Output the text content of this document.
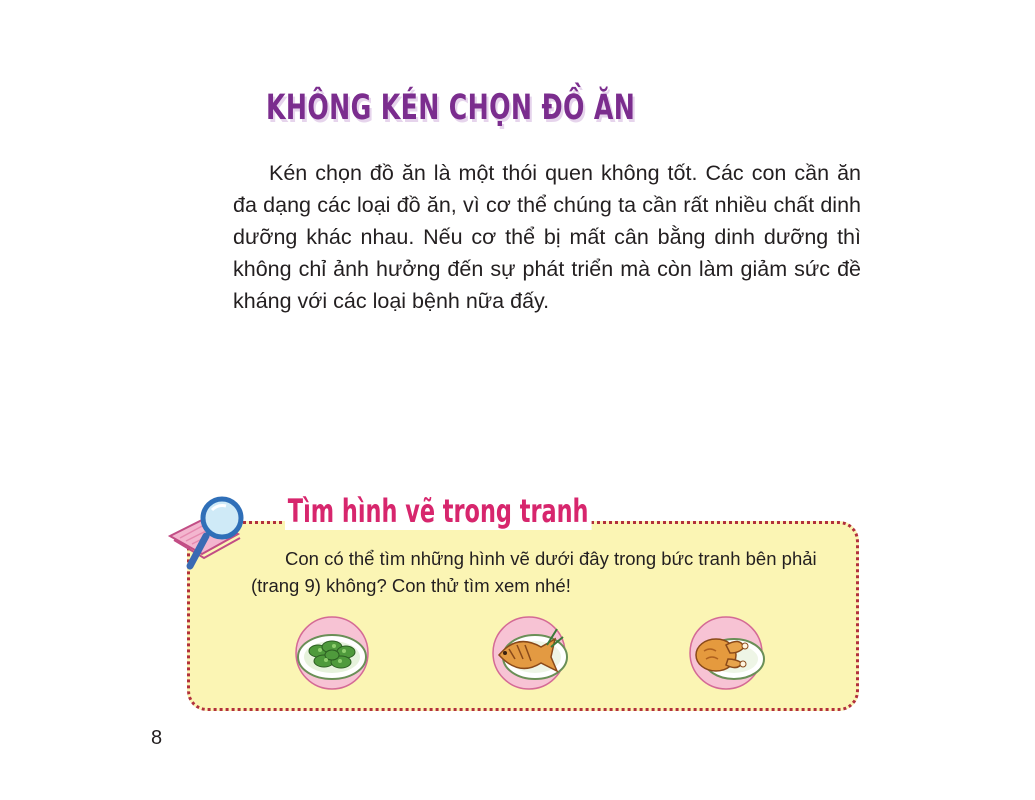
KHÔNG KÉN CHỌN ĐỒ ĂN

Kén chọn đồ ăn là một thói quen không tốt. Các con cần ăn đa dạng các loại đồ ăn, vì cơ thể chúng ta cần rất nhiều chất dinh dưỡng khác nhau. Nếu cơ thể bị mất cân bằng dinh dưỡng thì không chỉ ảnh hưởng đến sự phát triển mà còn làm giảm sức đề kháng với các loại bệnh nữa đấy.

Tìm hình vẽ trong tranh

Con có thể tìm những hình vẽ dưới đây trong bức tranh bên phải (trang 9) không? Con thử tìm xem nhé!

8
